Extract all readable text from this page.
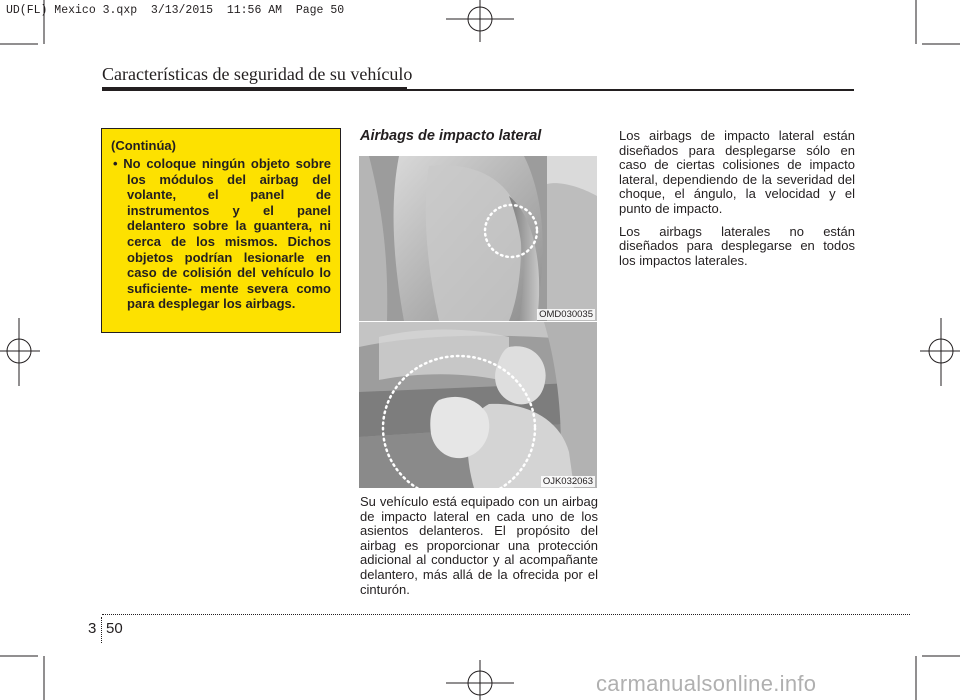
UD(FL) Mexico 3.qxp  3/13/2015  11:56 AM  Page 50
Características de seguridad de su vehículo
(Continúa)
• No coloque ningún objeto sobre los módulos del airbag del volante, el panel de instrumentos y el panel delantero sobre la guantera, ni cerca de los mismos. Dichos objetos podrían lesionarle en caso de colisión del vehículo lo suficiente- mente severa como para desplegar los airbags.
Airbags de impacto lateral
OMD030035
OJK032063

Su vehículo está equipado con un airbag de impacto lateral en cada uno de los asientos delanteros. El propósito del airbag es proporcionar una protección adicional al conductor y al acompañante delantero, más allá de la ofrecida por el cinturón.

Los airbags de impacto lateral están diseñados para desplegarse sólo en caso de ciertas colisiones de impacto lateral, dependiendo de la severidad del choque, el ángulo, la velocidad y el punto de impacto.

Los airbags laterales no están diseñados para desplegarse en todos los impactos laterales.

3 50
carmanualsonline.info
